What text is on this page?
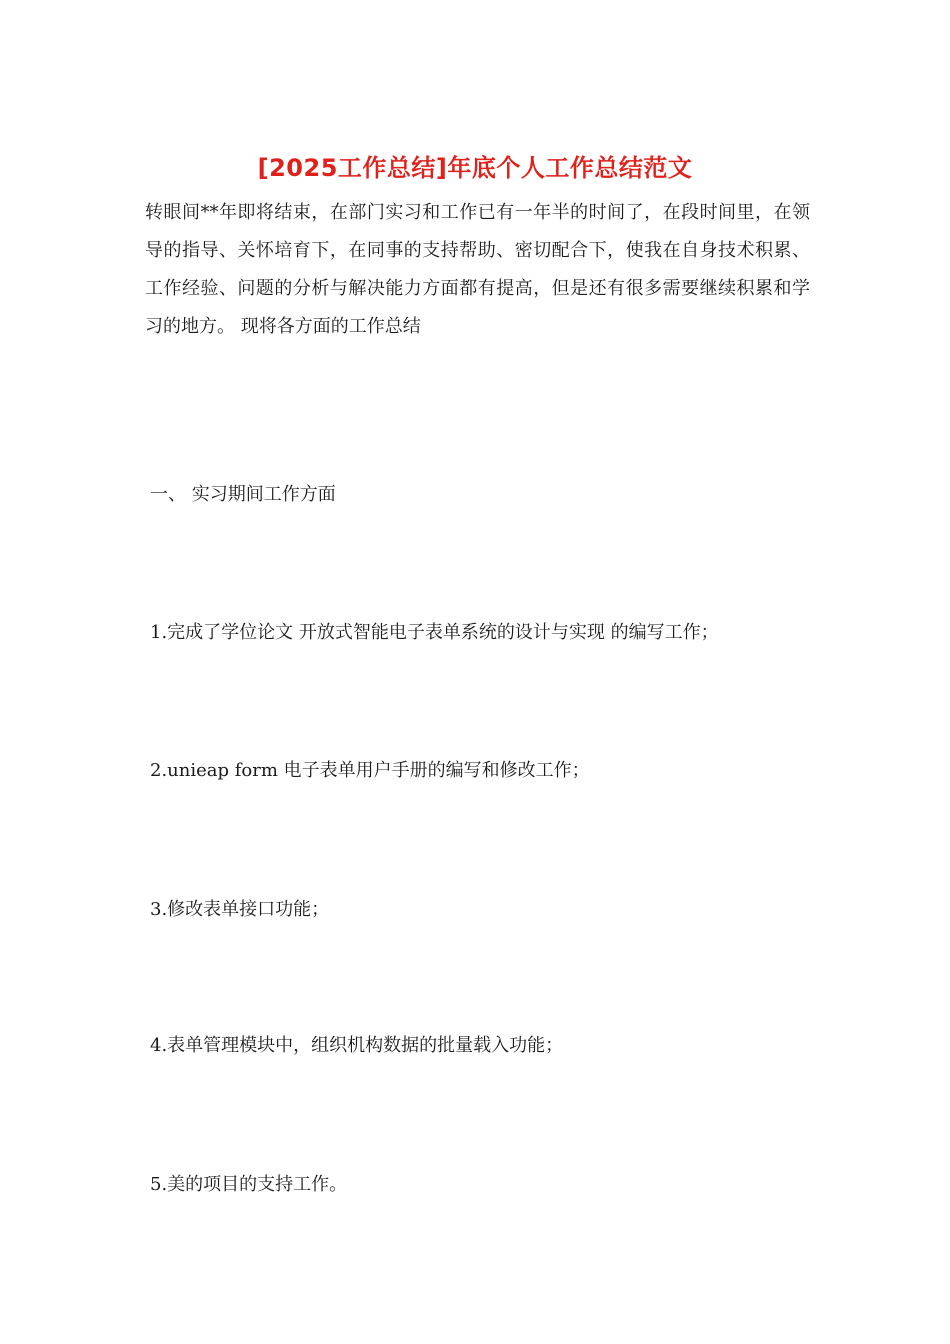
[2025工作总结]年底个人工作总结范文

转眼间**年即将结束，在部门实习和工作已有一年半的时间了，在段时间里，在领导的指导、关怀培育下，在同事的支持帮助、密切配合下，使我在自身技术积累、工作经验、问题的分析与解决能力方面都有提高，但是还有很多需要继续积累和学习的地方。 现将各方面的工作总结

一、 实习期间工作方面

1.完成了学位论文 开放式智能电子表单系统的设计与实现 的编写工作；

2.unieap form 电子表单用户手册的编写和修改工作；

3.修改表单接口功能；

4.表单管理模块中，组织机构数据的批量载入功能；

5.美的项目的支持工作。
